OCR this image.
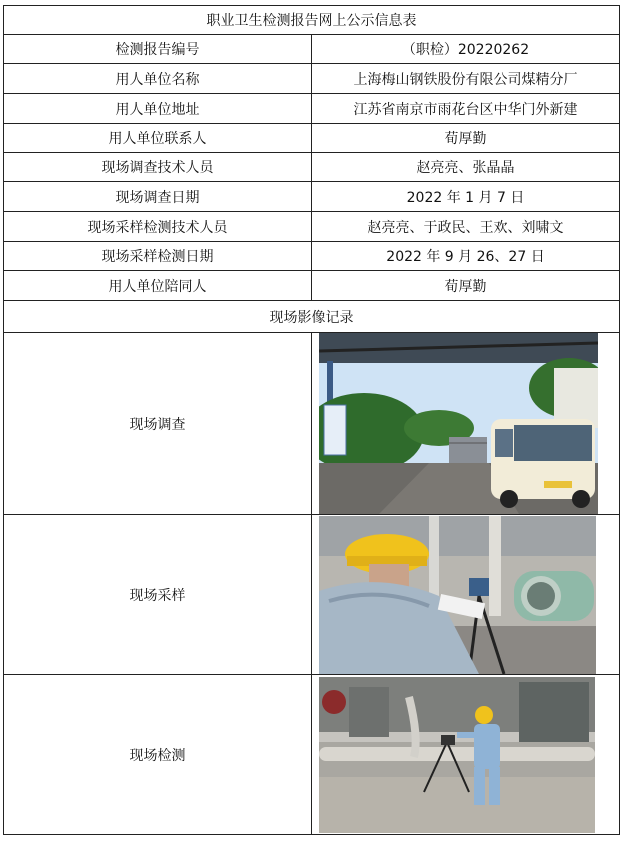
职业卫生检测报告网上公示信息表	
检测报告编号	（职检）20220262
用人单位名称	上海梅山钢铁股份有限公司煤精分厂
用人单位地址	江苏省南京市雨花台区中华门外新建
用人单位联系人	荀厚勤
现场调查技术人员	赵亮亮、张晶晶
现场调查日期	2022 年 1 月 7 日
现场采样检测技术人员	赵亮亮、于政民、王欢、刘啸文
现场采样检测日期	2022 年 9 月 26、27 日
用人单位陪同人	荀厚勤
现场影像记录	
现场调查	

现场采样	

现场检测	
